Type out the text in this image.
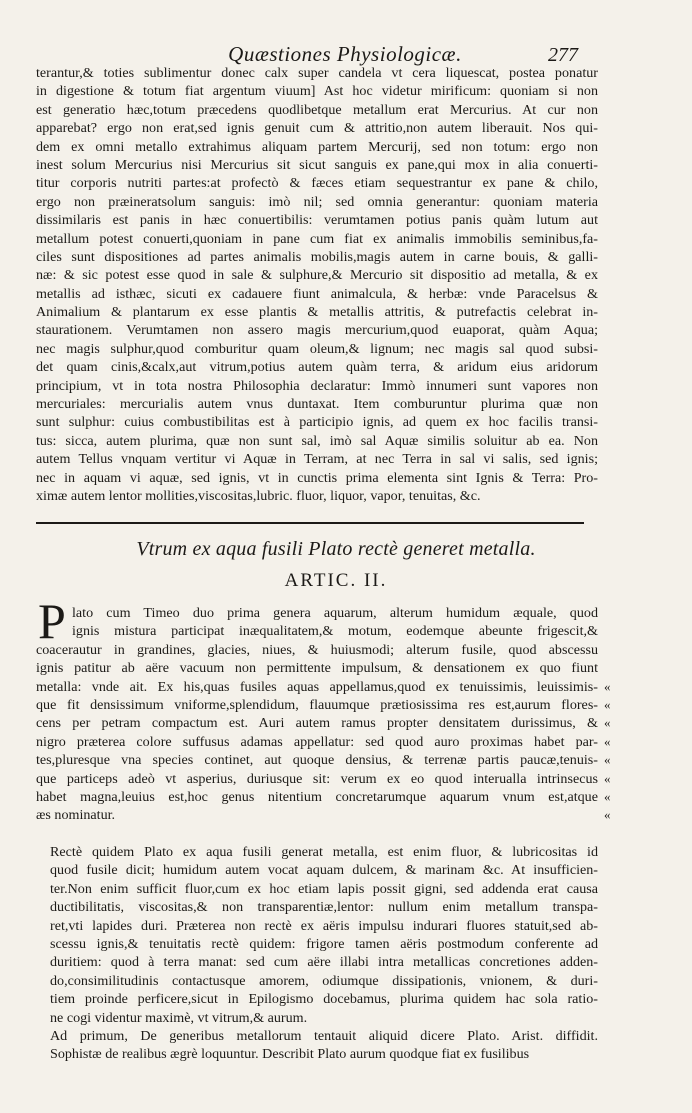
Quæstiones Physiologicæ.	277
terantur,& toties sublimentur donec calx super candela vt cera liquescat, postea ponatur
in digestione & totum fiat argentum viuum] Ast hoc videtur mirificum: quoniam si non
est generatio hæc,totum præcedens quodlibetque metallum erat Mercurius. At cur non
apparebat? ergo non erat,sed ignis genuit cum & attritio,non autem liberauit. Nos qui-
dem ex omni metallo extrahimus aliquam partem Mercurij, sed non totum: ergo non
inest solum Mercurius nisi Mercurius sit sicut sanguis ex pane,qui mox in alia conuerti-
titur corporis nutriti partes:at profectò & fæces etiam sequestrantur ex pane & chilo,
ergo non præineratsolum sanguis: imò nil; sed omnia generantur: quoniam materia
dissimilaris est panis in hæc conuertibilis: verumtamen potius panis quàm lutum aut
metallum potest conuerti,quoniam in pane cum fiat ex animalis immobilis seminibus,fa-
ciles sunt dispositiones ad partes animalis mobilis,magis autem in carne bouis, & galli-
næ: & sic potest esse quod in sale & sulphure,& Mercurio sit dispositio ad metalla, & ex
metallis ad isthæc, sicuti ex cadauere fiunt animalcula, & herbæ: vnde Paracelsus &
Animalium & plantarum ex esse plantis & metallis attritis, & putrefactis celebrat in-
staurationem. Verumtamen non assero magis mercurium,quod euaporat, quàm Aqua;
nec magis sulphur,quod comburitur quam oleum,& lignum; nec magis sal quod subsi-
det quam cinis,&calx,aut vitrum,potius autem quàm terra, & aridum eius aridorum
principium, vt in tota nostra Philosophia declaratur: Immò innumeri sunt vapores non
mercuriales: mercurialis autem vnus duntaxat. Item comburuntur plurima quæ non
sunt sulphur: cuius combustibilitas est à participio ignis, ad quem ex hoc facilis transi-
tus: sicca, autem plurima, quæ non sunt sal, imò sal Aquæ similis soluitur ab ea. Non
autem Tellus vnquam vertitur vi Aquæ in Terram, at nec Terra in sal vi salis, sed ignis;
nec in aquam vi aquæ, sed ignis, vt in cunctis prima elementa sint Ignis & Terra: Pro-
ximæ autem lentor mollities,viscositas,lubric. fluor, liquor, vapor, tenuitas, &c.
Vtrum ex aqua fusili Plato rectè generet metalla.
ARTIC. II.
P lato cum Timeo duo prima genera aquarum, alterum humidum æquale, quod
ignis mistura participat inæqualitatem,& motum, eodemque abeunte frigescit,&
coacerautur in grandines, glacies, niues, & huiusmodi; alterum fusile, quod abscessu
ignis patitur ab aëre vacuum non permittente impulsum, & densationem ex quo fiunt
metalla: vnde ait. Ex his,quas fusiles aquas appellamus,quod ex tenuissimis, leuissimis-
que fit densissimum vniforme,splendidum, flauumque prætiosissima res est,aurum flores-
cens per petram compactum est. Auri autem ramus propter densitatem durissimus, &
nigro præterea colore suffusus adamas appellatur: sed quod auro proximas habet par-
tes,pluresque vna species continet, aut quoque densius, & terrenæ partis paucæ,tenuis-
que particeps adeò vt asperius, duriusque sit: verum ex eo quod interualla intrinsecus
habet magna,leuius est,hoc genus nitentium concretarumque aquarum vnum est,atque
æs nominatur.
Rectè quidem Plato ex aqua fusili generat metalla, est enim fluor, & lubricositas id
quod fusile dicit; humidum autem vocat aquam dulcem, & marinam &c. At insufficien-
ter.Non enim sufficit fluor,cum ex hoc etiam lapis possit gigni, sed addenda erat causa
ductibilitatis, viscositas,& non transparentiæ,lentor: nullum enim metallum transpa-
ret,vti lapides duri. Præterea non rectè ex aëris impulsu indurari fluores statuit,sed ab-
scessu ignis,& tenuitatis rectè quidem: frigore tamen aëris postmodum conferente ad
duritiem: quod à terra manat: sed cum aëre illabi intra metallicas concretiones adden-
do,consimilitudinis contactusque amorem, odiumque dissipationis, vnionem, & duri-
tiem proinde perficere,sicut in Epilogismo docebamus, plurima quidem hac sola ratio-
ne cogi videntur maximè, vt vitrum,& aurum.
Ad primum, De generibus metallorum tentauit aliquid dicere Plato. Arist. diffidit.
Sophistæ de realibus ægrè loquuntur. Describit Plato aurum quodque fiat ex fusilibus
«
«
«
«
«
«
«
«
